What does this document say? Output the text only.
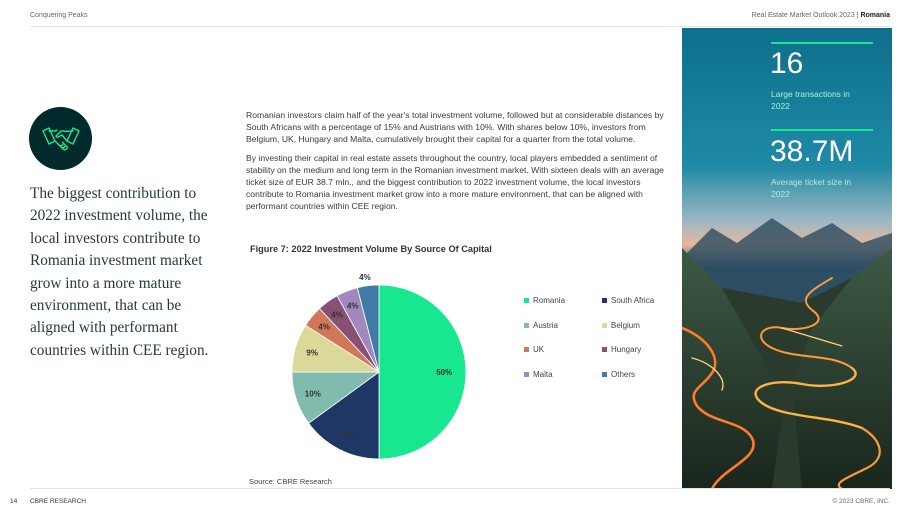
Conquering Peaks	Real Estate Market Outlook 2023 | Romania
The biggest contribution to 2022 investment volume, the local investors contribute to Romania investment market grow into a more mature environment, that can be aligned with performant countries within CEE region.

Romanian investors claim half of the year's total investment volume, followed but at considerable distances by South Africans with a percentage of 15% and Austrians with 10%. With shares below 10%, investors from Belgium, UK, Hungary and Malta, cumulatively brought their capital for a quarter from the total volume.

By investing their capital in real estate assets throughout the country, local players embedded a sentiment of stability on the medium and long term in the Romanian investment market. With sixteen deals with an average ticket size of EUR 38.7 mln., and the biggest contribution to 2022 investment volume, the local investors contribute to Romania investment market grow into a more mature environment, that can be aligned with performant countries within CEE region.

Figure 7: 2022 Investment Volume By Source Of Capital
50%
15%
10%
9%
4%
4%
4%
4%
Romania	South Africa
Austria	Belgium
UK	Hungary
Malta	Others
Source: CBRE Research
16
Large transactions in 2022
38.7M
Average ticket size in 2022
14 CBRE RESEARCH	© 2023 CBRE, INC.
